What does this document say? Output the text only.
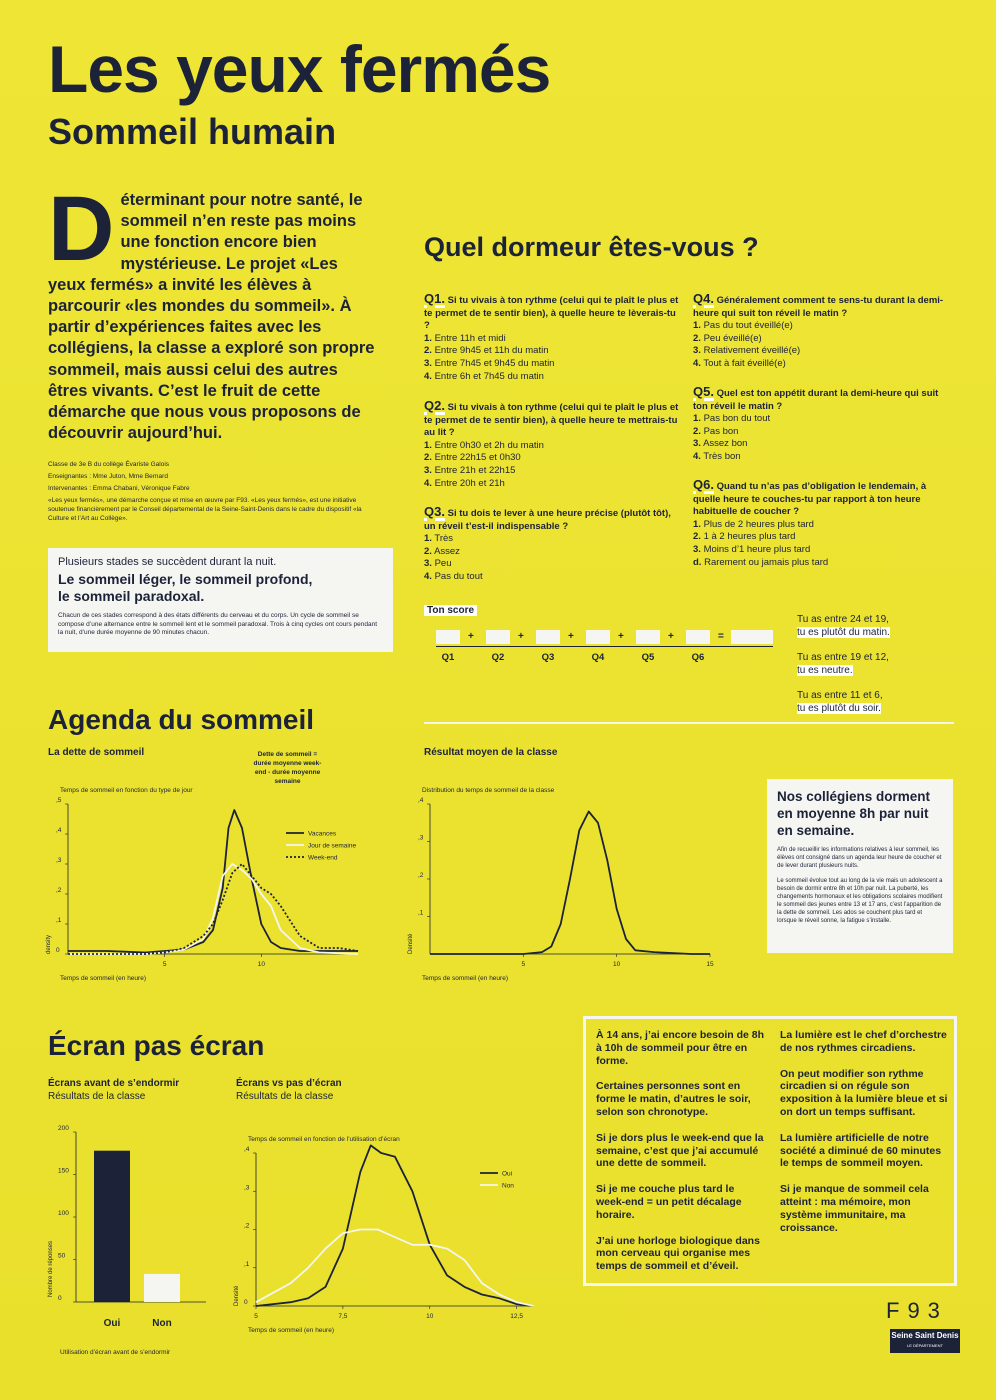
Les yeux fermés
Sommeil humain
Déterminant pour notre santé, le sommeil n’en reste pas moins une fonction encore bien mystérieuse. Le projet «Les yeux fermés» a invité les élèves à parcourir «les mondes du sommeil». À partir d’expériences faites avec les collégiens, la classe a exploré son propre sommeil, mais aussi celui des autres êtres vivants. C’est le fruit de cette démarche que nous vous proposons de découvrir aujourd’hui.

Classe de 3e B du collège Évariste Galois

Enseignantes : Mme Juton, Mme Bernard

Intervenantes : Emma Chabani, Véronique Fabre

«Les yeux fermés», une démarche conçue et mise en œuvre par F93. «Les yeux fermés», est une initiative soutenue financièrement par le Conseil départemental de la Seine-Saint-Denis dans le cadre du dispositif «la Culture et l’Art au Collège».

Plusieurs stades se succèdent durant la nuit.
Le sommeil léger, le sommeil profond,
le sommeil paradoxal.
Chacun de ces stades correspond à des états différents du cerveau et du corps. Un cycle de sommeil se compose d’une alternance entre le sommeil lent et le sommeil paradoxal. Trois à cinq cycles ont cours pendant la nuit, d’une durée moyenne de 90 minutes chacun.
Quel dormeur êtes-vous ?
Q1. Si tu vivais à ton rythme (celui qui te plaît le plus et te permet de te sentir bien), à quelle heure te lèverais-tu ?
1. Entre 11h et midi
2. Entre 9h45 et 11h du matin
3. Entre 7h45 et 9h45 du matin
4. Entre 6h et 7h45 du matin
Q2. Si tu vivais à ton rythme (celui qui te plaît le plus et te permet de te sentir bien), à quelle heure te mettrais-tu au lit ?
1. Entre 0h30 et 2h du matin
2. Entre 22h15 et 0h30
3. Entre 21h et 22h15
4. Entre 20h et 21h
Q3. Si tu dois te lever à une heure précise (plutôt tôt), un réveil t’est-il indispensable ?
1. Très
2. Assez
3. Peu
4. Pas du tout
Q4. Généralement comment te sens-tu durant la demi-heure qui suit ton réveil le matin ?
1. Pas du tout éveillé(e)
2. Peu éveillé(e)
3. Relativement éveillé(e)
4. Tout à fait éveillé(e)
Q5. Quel est ton appétit durant la demi-heure qui suit ton réveil le matin ?
1. Pas bon du tout
2. Pas bon
3. Assez bon
4. Très bon
Q6. Quand tu n’as pas d’obligation le lendemain, à quelle heure te couches-tu par rapport à ton heure habituelle de coucher ?
1. Plus de 2 heures plus tard
2. 1 à 2 heures plus tard
3. Moins d’1 heure plus tard
d. Rarement ou jamais plus tard
Ton score
+	+	+	+	+	=
Q1	Q2	Q3	Q4	Q5	Q6
Tu as entre 24 et 19,
tu es plutôt du matin.
Tu as entre 19 et 12,
tu es neutre.
Tu as entre 11 et 6,
tu es plutôt du soir.
Agenda du sommeil
La dette de sommeil	Dette de sommeil = durée moyenne week-end - durée moyenne semaine
Résultat moyen de la classe
Temps de sommeil en fonction du type de jour
5	10
0
,1
,2
,3
,4
,5
Temps de sommeil (en heure)
density
Vacances
Jour de semaine
Week-end
Distribution du temps de sommeil de la classe
5	10	15
,1
,2
,3
,4
Temps de sommeil (en heure)
Densité
Nos collégiens dorment en moyenne 8h par nuit en semaine.
Afin de recueillir les informations relatives à leur sommeil, les élèves ont consigné dans un agenda leur heure de coucher et de lever durant plusieurs nuits.
Le sommeil évolue tout au long de la vie mais un adolescent a besoin de dormir entre 8h et 10h par nuit. La puberté, les changements hormonaux et les obligations scolaires modifient le sommeil des jeunes entre 13 et 17 ans, c’est l’apparition de la dette de sommeil. Les ados se couchent plus tard et lorsque le réveil sonne, la fatigue s’installe.
Écran pas écran
Écrans avant de s’endormir
Résultats de la classe
Écrans vs pas d’écran
Résultats de la classe
0
50
100
150
200
Oui	Non
Utilisation d’écran avant de s’endormir
Nombre de réponses
Temps de sommeil en fonction de l’utilisation d’écran
5	7,5	10	12,5
0
,1
,2
,3
,4
Temps de sommeil (en heure)
Densité
Oui
Non

À 14 ans, j’ai encore besoin de 8h à 10h de sommeil pour être en forme.

Certaines personnes sont en forme le matin, d’autres le soir, selon son chronotype.

Si je dors plus le week-end que la semaine, c’est que j’ai accumulé une dette de sommeil.

Si je me couche plus tard le week-end = un petit décalage horaire.

J’ai une horloge biologique dans mon cerveau qui organise mes temps de sommeil et d’éveil.

La lumière est le chef d’orchestre de nos rythmes circadiens.

On peut modifier son rythme circadien si on régule son exposition à la lumière bleue et si on dort un temps suffisant.

La lumière artificielle de notre société a diminué de 60 minutes le temps de sommeil moyen.

Si je manque de sommeil cela atteint : ma mémoire, mon système immunitaire, ma croissance.

F93
Seine Saint Denis
LE DÉPARTEMENT
